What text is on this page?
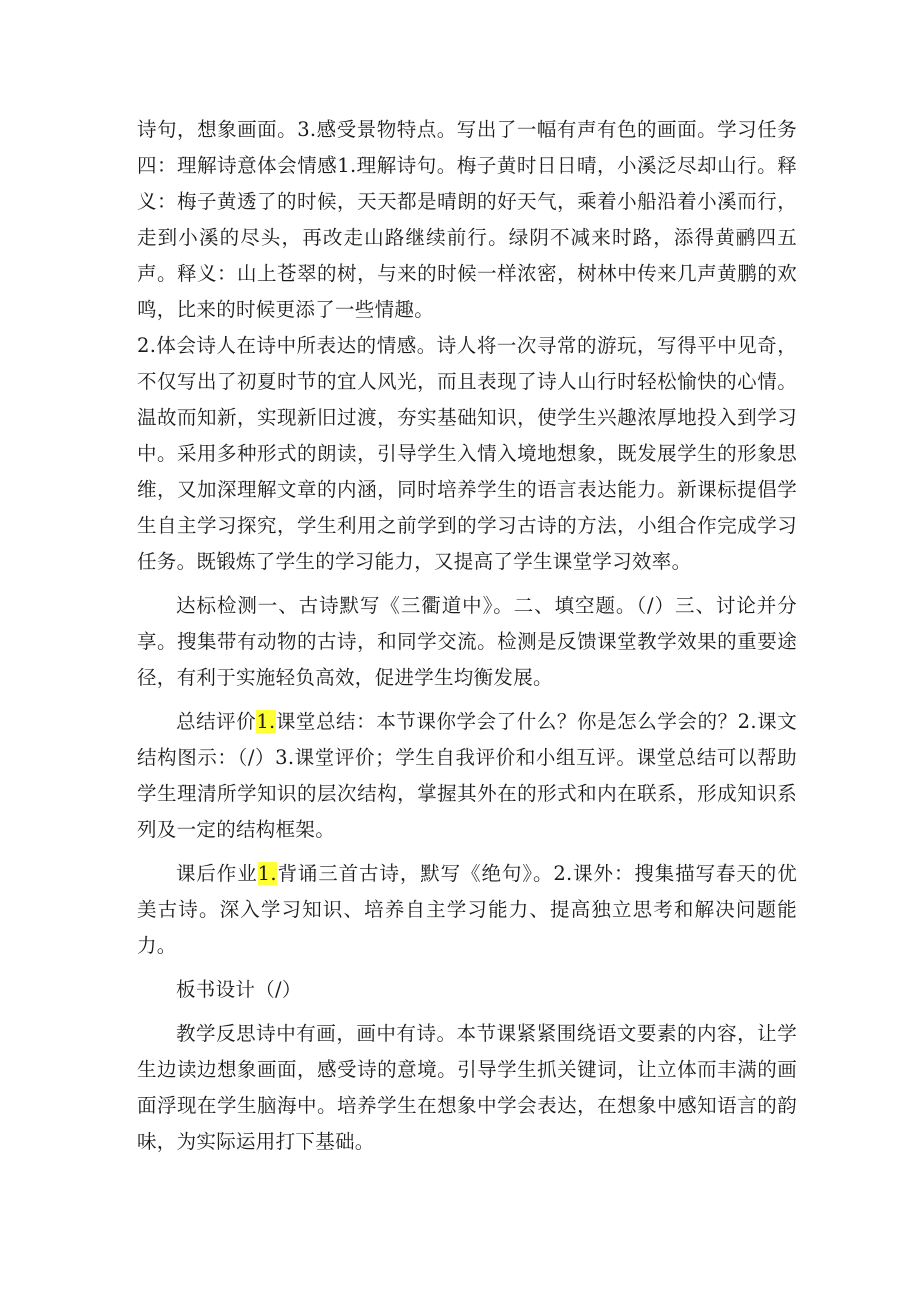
诗句，想象画面。3.感受景物特点。写出了一幅有声有色的画面。学习任务四：理解诗意体会情感1.理解诗句。梅子黄时日日晴，小溪泛尽却山行。释义：梅子黄透了的时候，天天都是晴朗的好天气，乘着小船沿着小溪而行，走到小溪的尽头，再改走山路继续前行。绿阴不减来时路，添得黄鹂四五声。释义：山上苍翠的树，与来的时候一样浓密，树林中传来几声黄鹏的欢鸣，比来的时候更添了一些情趣。

2.体会诗人在诗中所表达的情感。诗人将一次寻常的游玩，写得平中见奇，不仅写出了初夏时节的宜人风光，而且表现了诗人山行时轻松愉快的心情。温故而知新，实现新旧过渡，夯实基础知识，使学生兴趣浓厚地投入到学习中。采用多种形式的朗读，引导学生入情入境地想象，既发展学生的形象思维，又加深理解文章的内涵，同时培养学生的语言表达能力。新课标提倡学生自主学习探究，学生利用之前学到的学习古诗的方法，小组合作完成学习任务。既锻炼了学生的学习能力，又提高了学生课堂学习效率。

达标检测一、古诗默写《三衢道中》。二、填空题。（/）三、讨论并分享。搜集带有动物的古诗，和同学交流。检测是反馈课堂教学效果的重要途径，有利于实施轻负高效，促进学生均衡发展。

总结评价1.课堂总结：本节课你学会了什么？你是怎么学会的？2.课文结构图示：（/）3.课堂评价；学生自我评价和小组互评。课堂总结可以帮助学生理清所学知识的层次结构，掌握其外在的形式和内在联系，形成知识系列及一定的结构框架。

课后作业1.背诵三首古诗，默写《绝句》。2.课外：搜集描写春天的优美古诗。深入学习知识、培养自主学习能力、提高独立思考和解决问题能力。

板书设计（/）

教学反思诗中有画，画中有诗。本节课紧紧围绕语文要素的内容，让学生边读边想象画面，感受诗的意境。引导学生抓关键词，让立体而丰满的画面浮现在学生脑海中。培养学生在想象中学会表达，在想象中感知语言的韵味，为实际运用打下基础。
